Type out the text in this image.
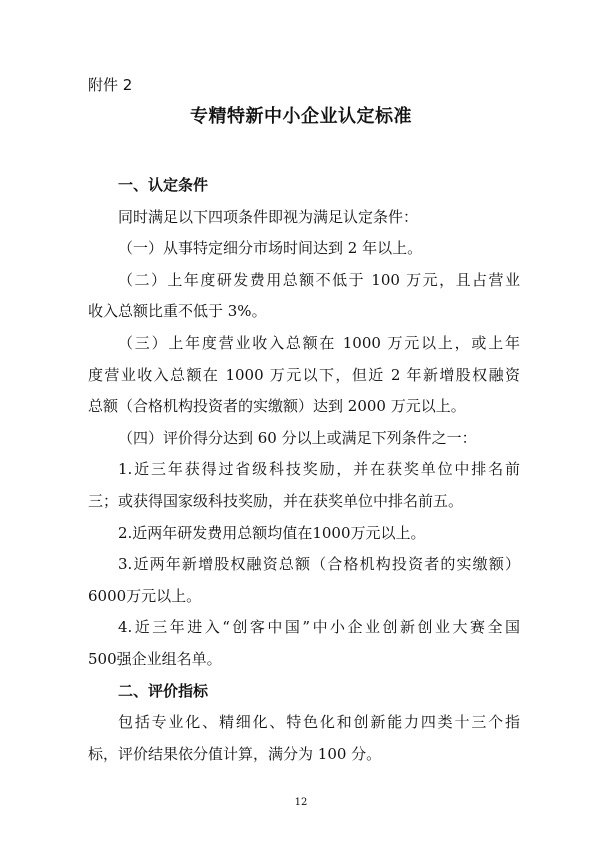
附件 2
专精特新中小企业认定标准
一、认定条件
同时满足以下四项条件即视为满足认定条件：
（一）从事特定细分市场时间达到 2 年以上。
（二）上年度研发费用总额不低于 100 万元，且占营业
收入总额比重不低于 3%。
（三）上年度营业收入总额在 1000 万元以上，或上年
度营业收入总额在 1000 万元以下，但近 2 年新增股权融资
总额（合格机构投资者的实缴额）达到 2000 万元以上。
（四）评价得分达到 60 分以上或满足下列条件之一：
1.近三年获得过省级科技奖励，并在获奖单位中排名前
三；或获得国家级科技奖励，并在获奖单位中排名前五。
2.近两年研发费用总额均值在1000万元以上。
3.近两年新增股权融资总额（合格机构投资者的实缴额）
6000万元以上。
4.近三年进入“创客中国”中小企业创新创业大赛全国
500强企业组名单。
二、评价指标
包括专业化、精细化、特色化和创新能力四类十三个指
标，评价结果依分值计算，满分为 100 分。
12
